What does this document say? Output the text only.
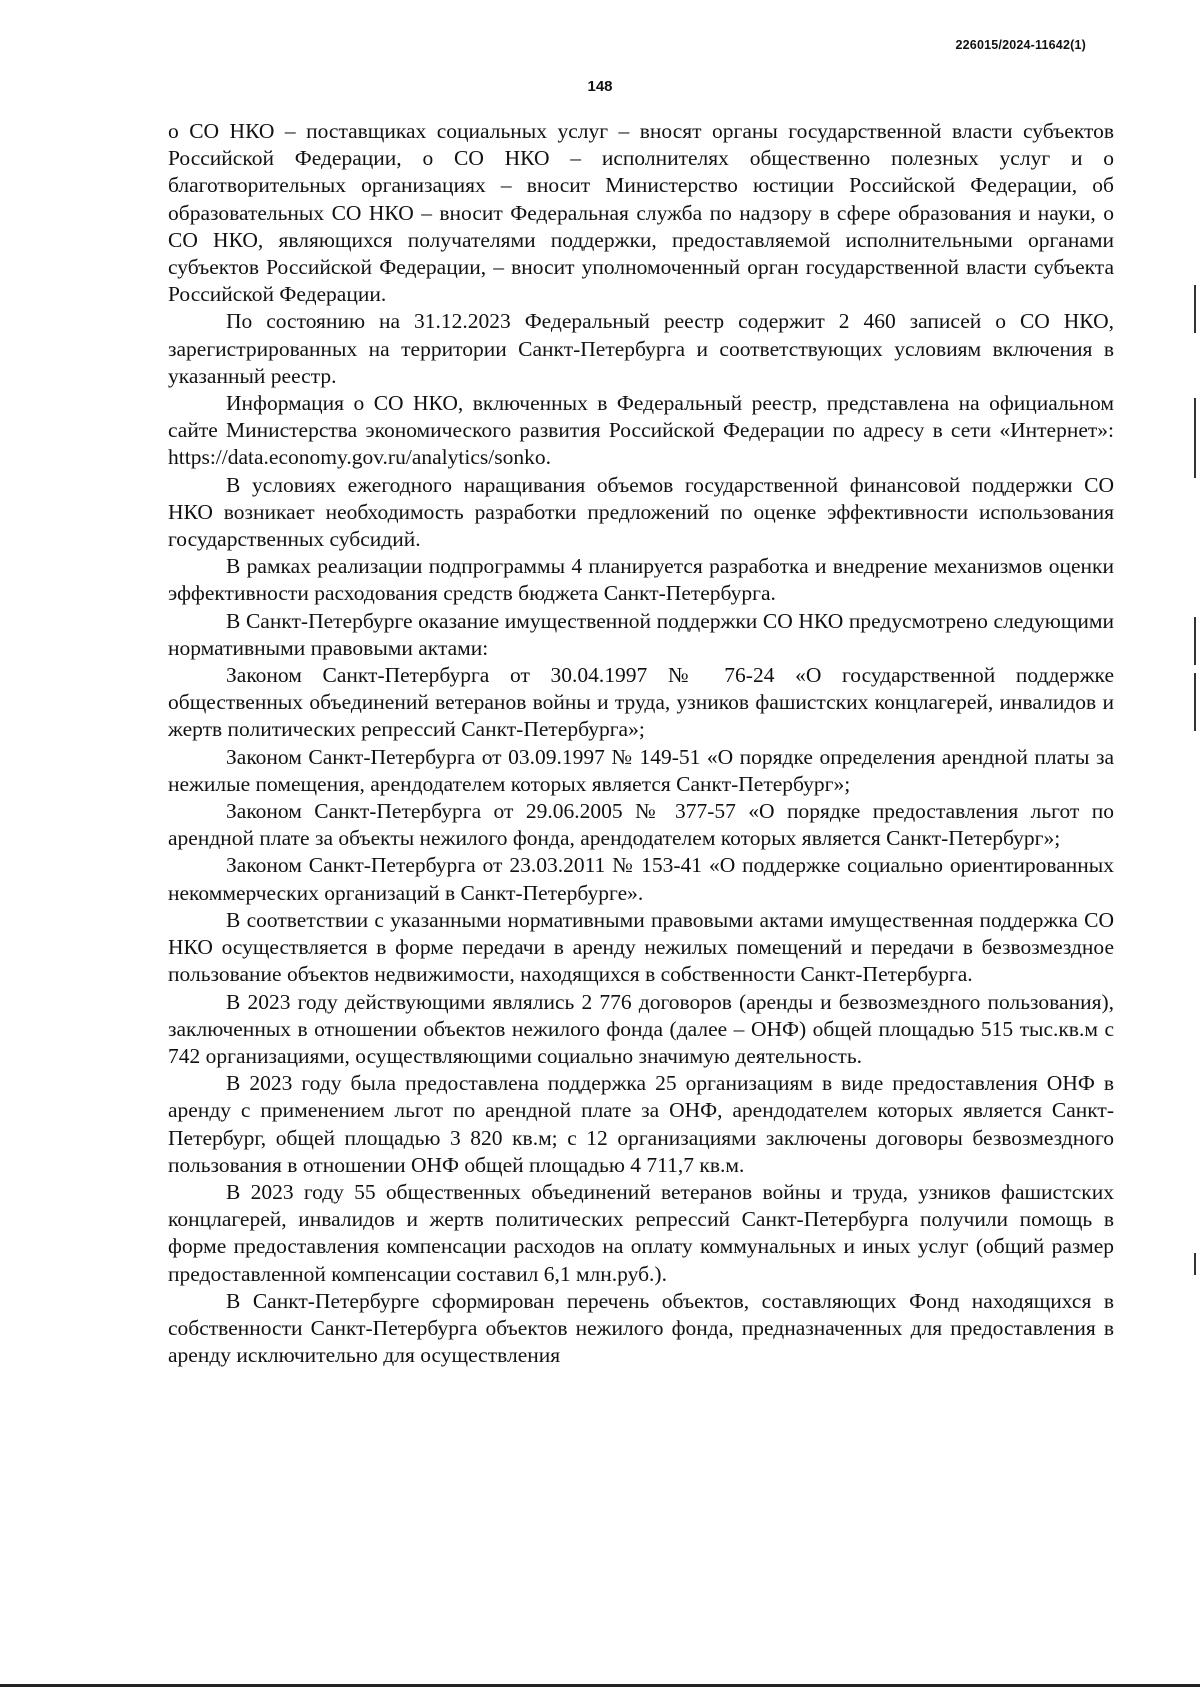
226015/2024-11642(1)
148

о СО НКО – поставщиках социальных услуг – вносят органы государственной власти субъектов Российской Федерации, о СО НКО – исполнителях общественно полезных услуг и о благотворительных организациях – вносит Министерство юстиции Российской Федерации, об образовательных СО НКО – вносит Федеральная служба по надзору в сфере образования и науки, о СО НКО, являющихся получателями поддержки, предоставляемой исполнительными органами субъектов Российской Федерации, – вносит уполномоченный орган государственной власти субъекта Российской Федерации.

По состоянию на 31.12.2023 Федеральный реестр содержит 2 460 записей о СО НКО, зарегистрированных на территории Санкт-Петербурга и соответствующих условиям включения в указанный реестр.

Информация о СО НКО, включенных в Федеральный реестр, представлена на официальном сайте Министерства экономического развития Российской Федерации по адресу в сети «Интернет»: https://data.economy.gov.ru/analytics/sonko.

В условиях ежегодного наращивания объемов государственной финансовой поддержки СО НКО возникает необходимость разработки предложений по оценке эффективности использования государственных субсидий.

В рамках реализации подпрограммы 4 планируется разработка и внедрение механизмов оценки эффективности расходования средств бюджета Санкт-Петербурга.

В Санкт-Петербурге оказание имущественной поддержки СО НКО предусмотрено следующими нормативными правовыми актами:

Законом Санкт-Петербурга от 30.04.1997 № 76-24 «О государственной поддержке общественных объединений ветеранов войны и труда, узников фашистских концлагерей, инвалидов и жертв политических репрессий Санкт-Петербурга»;

Законом Санкт-Петербурга от 03.09.1997 № 149-51 «О порядке определения арендной платы за нежилые помещения, арендодателем которых является Санкт-Петербург»;

Законом Санкт-Петербурга от 29.06.2005 № 377-57 «О порядке предоставления льгот по арендной плате за объекты нежилого фонда, арендодателем которых является Санкт-Петербург»;

Законом Санкт-Петербурга от 23.03.2011 № 153-41 «О поддержке социально ориентированных некоммерческих организаций в Санкт-Петербурге».

В соответствии с указанными нормативными правовыми актами имущественная поддержка СО НКО осуществляется в форме передачи в аренду нежилых помещений и передачи в безвозмездное пользование объектов недвижимости, находящихся в собственности Санкт-Петербурга.

В 2023 году действующими являлись 2 776 договоров (аренды и безвозмездного пользования), заключенных в отношении объектов нежилого фонда (далее – ОНФ) общей площадью 515 тыс.кв.м с 742 организациями, осуществляющими социально значимую деятельность.

В 2023 году была предоставлена поддержка 25 организациям в виде предоставления ОНФ в аренду с применением льгот по арендной плате за ОНФ, арендодателем которых является Санкт-Петербург, общей площадью 3 820 кв.м; с 12 организациями заключены договоры безвозмездного пользования в отношении ОНФ общей площадью 4 711,7 кв.м.

В 2023 году 55 общественных объединений ветеранов войны и труда, узников фашистских концлагерей, инвалидов и жертв политических репрессий Санкт-Петербурга получили помощь в форме предоставления компенсации расходов на оплату коммунальных и иных услуг (общий размер предоставленной компенсации составил 6,1 млн.руб.).

В Санкт-Петербурге сформирован перечень объектов, составляющих Фонд находящихся в собственности Санкт-Петербурга объектов нежилого фонда, предназначенных для предоставления в аренду исключительно для осуществления
